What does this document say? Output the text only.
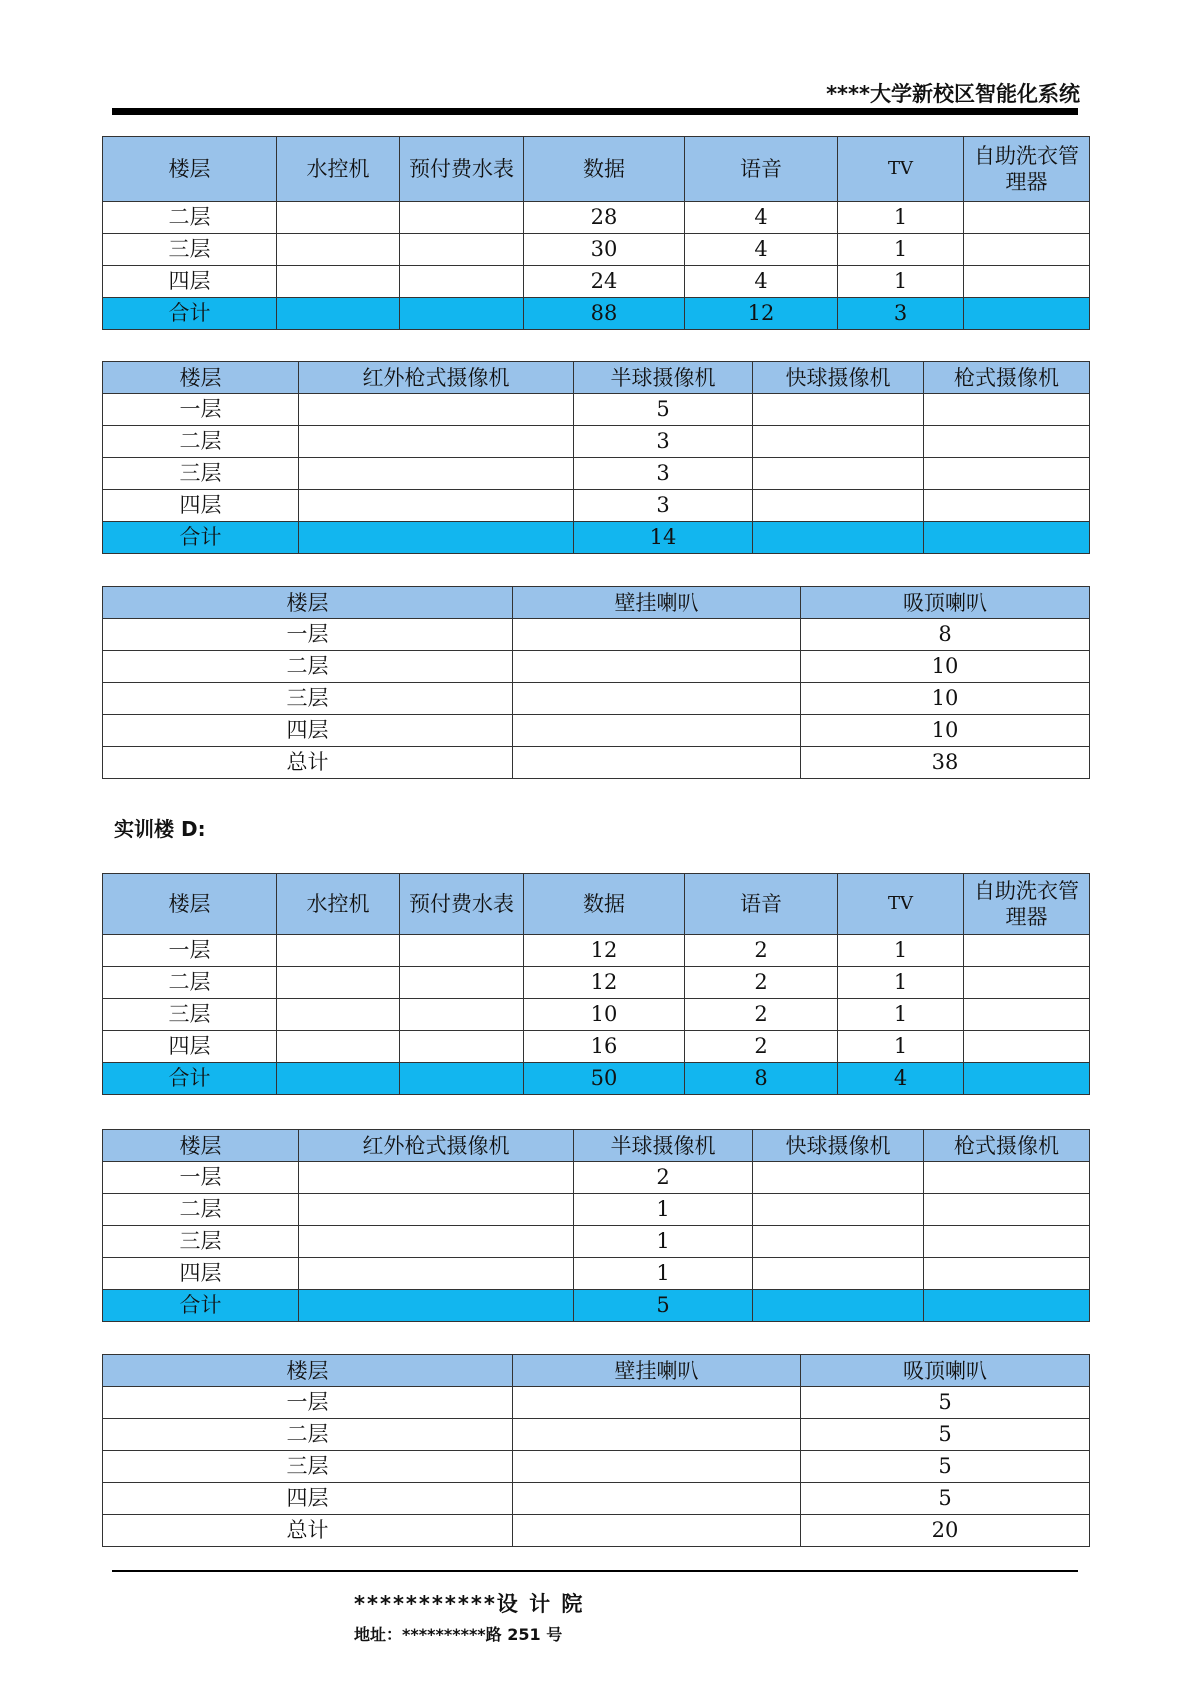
****大学新校区智能化系统
楼层	水控机	预付费水表	数据	语音	TV	自助洗衣管理器
二层			28	4	1	
三层			30	4	1	
四层			24	4	1	
合计			88	12	3	
楼层	红外枪式摄像机	半球摄像机	快球摄像机	枪式摄像机
一层		5		
二层		3		
三层		3		
四层		3		
合计		14		
楼层	壁挂喇叭	吸顶喇叭
一层		8
二层		10
三层		10
四层		10
总计		38
实训楼 D:
楼层	水控机	预付费水表	数据	语音	TV	自助洗衣管理器
一层			12	2	1	
二层			12	2	1	
三层			10	2	1	
四层			16	2	1	
合计			50	8	4	
楼层	红外枪式摄像机	半球摄像机	快球摄像机	枪式摄像机
一层		2		
二层		1		
三层		1		
四层		1		
合计		5		
楼层	壁挂喇叭	吸顶喇叭
一层		5
二层		5
三层		5
四层		5
总计		20
***********设 计 院
地址：**********路 251 号
